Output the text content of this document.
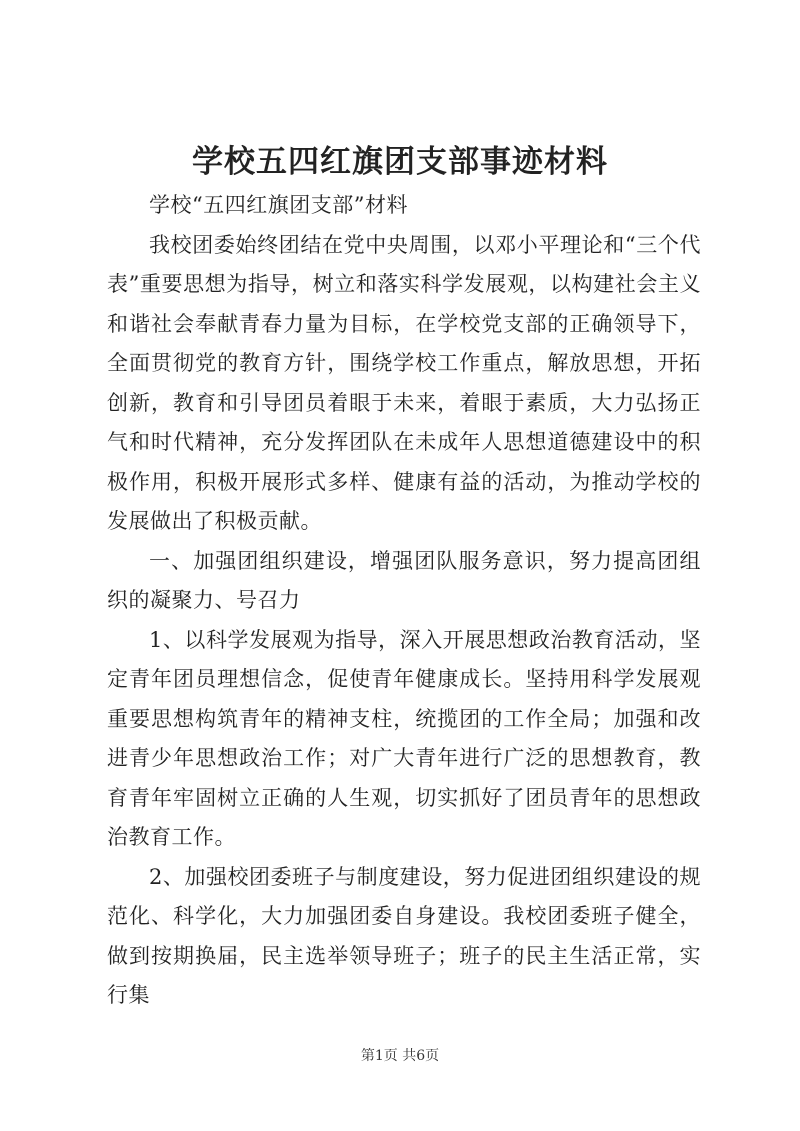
学校五四红旗团支部事迹材料

学校“五四红旗团支部”材料

我校团委始终团结在党中央周围，以邓小平理论和“三个代表”重要思想为指导，树立和落实科学发展观，以构建社会主义和谐社会奉献青春力量为目标，在学校党支部的正确领导下，全面贯彻党的教育方针，围绕学校工作重点，解放思想，开拓创新，教育和引导团员着眼于未来，着眼于素质，大力弘扬正气和时代精神，充分发挥团队在未成年人思想道德建设中的积极作用，积极开展形式多样、健康有益的活动，为推动学校的发展做出了积极贡献。

一、加强团组织建设，增强团队服务意识，努力提高团组织的凝聚力、号召力

1、以科学发展观为指导，深入开展思想政治教育活动，坚定青年团员理想信念，促使青年健康成长。坚持用科学发展观重要思想构筑青年的精神支柱，统揽团的工作全局；加强和改进青少年思想政治工作；对广大青年进行广泛的思想教育，教育青年牢固树立正确的人生观，切实抓好了团员青年的思想政治教育工作。

2、加强校团委班子与制度建设，努力促进团组织建设的规范化、科学化，大力加强团委自身建设。我校团委班子健全，做到按期换届，民主选举领导班子；班子的民主生活正常，实行集

第1页 共6页
